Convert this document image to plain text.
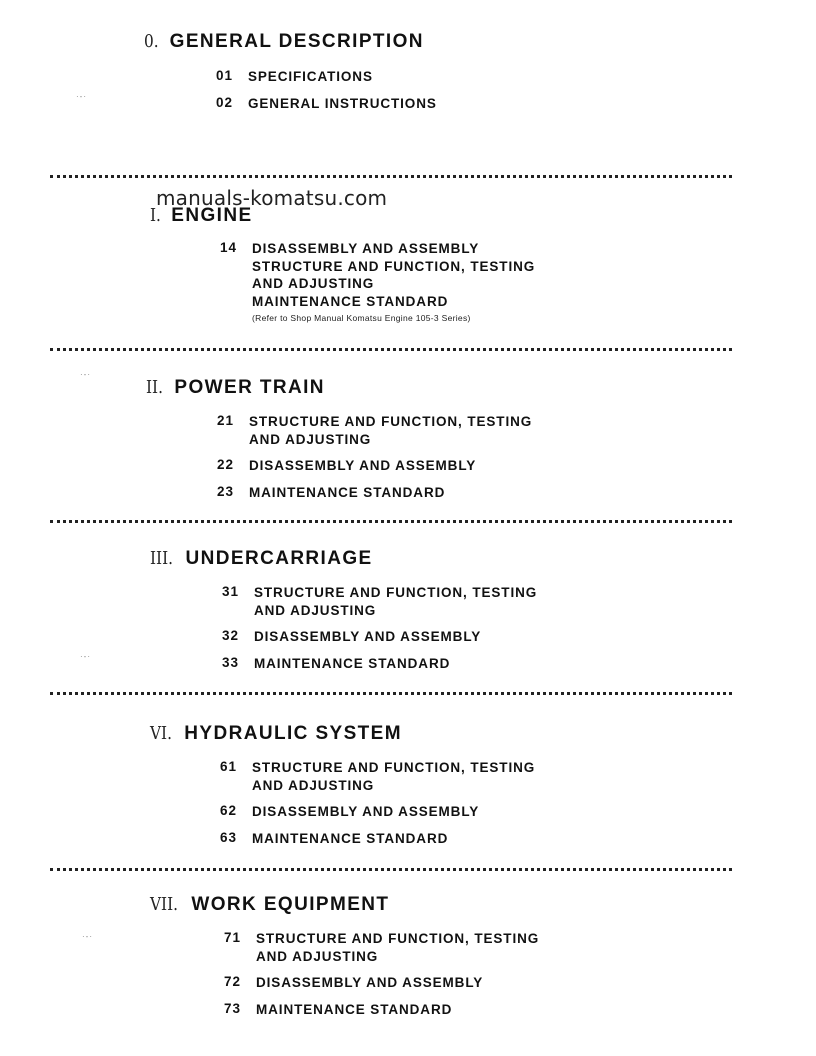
manuals-komatsu.com
0. GENERAL DESCRIPTION
01	SPECIFICATIONS
02	GENERAL INSTRUCTIONS
I. ENGINE
14	DISASSEMBLY AND ASSEMBLY
STRUCTURE AND FUNCTION, TESTING
AND ADJUSTING
MAINTENANCE STANDARD
(Refer to Shop Manual Komatsu Engine 105-3 Series)
II. POWER TRAIN
21	STRUCTURE AND FUNCTION, TESTING
AND ADJUSTING
22	DISASSEMBLY AND ASSEMBLY
23	MAINTENANCE STANDARD
III. UNDERCARRIAGE
31	STRUCTURE AND FUNCTION, TESTING
AND ADJUSTING
32	DISASSEMBLY AND ASSEMBLY
33	MAINTENANCE STANDARD
VI. HYDRAULIC SYSTEM
61	STRUCTURE AND FUNCTION, TESTING
AND ADJUSTING
62	DISASSEMBLY AND ASSEMBLY
63	MAINTENANCE STANDARD
VII. WORK EQUIPMENT
71	STRUCTURE AND FUNCTION, TESTING
AND ADJUSTING
72	DISASSEMBLY AND ASSEMBLY
73	MAINTENANCE STANDARD
·-·
·-·
·-·
·-·
